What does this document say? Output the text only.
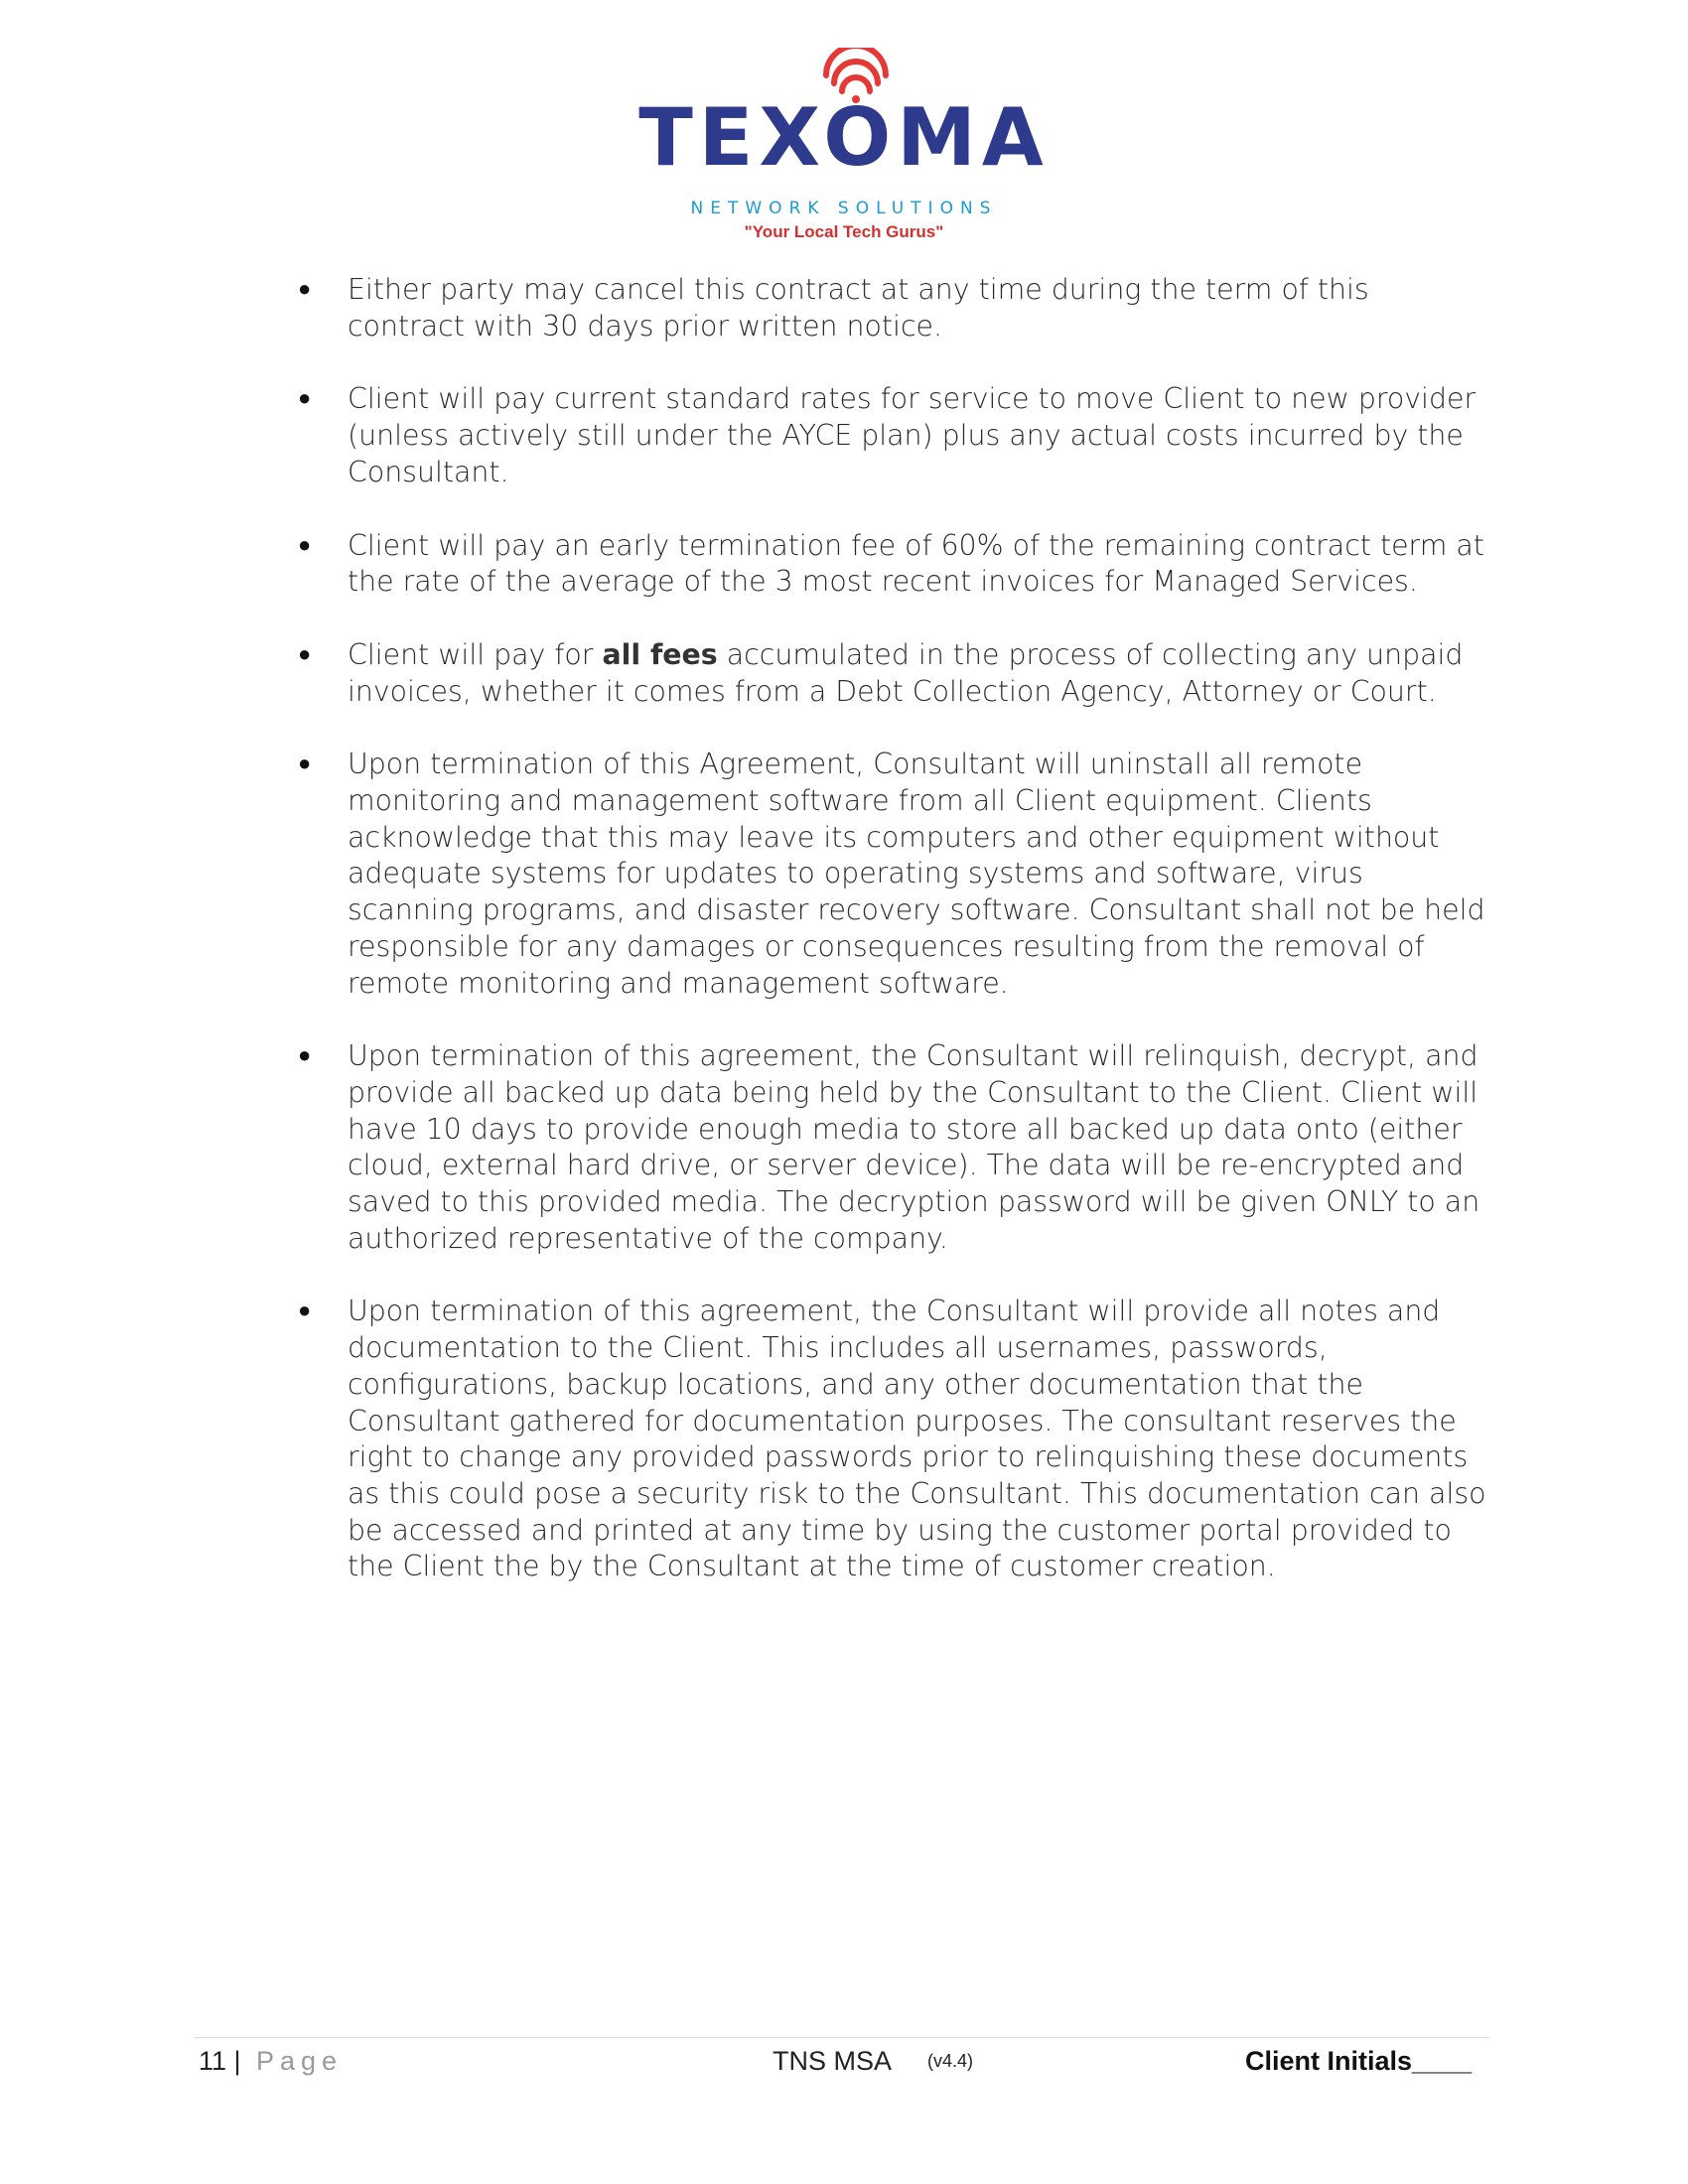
TEXOMA
NETWORK SOLUTIONS
"Your Local Tech Gurus"
● Either party may cancel this contract at any time during the term of this contract with 30 days prior written notice.
● Client will pay current standard rates for service to move Client to new provider (unless actively still under the AYCE plan) plus any actual costs incurred by the Consultant.
● Client will pay an early termination fee of 60% of the remaining contract term at the rate of the average of the 3 most recent invoices for Managed Services.
● Client will pay for all fees accumulated in the process of collecting any unpaid invoices, whether it comes from a Debt Collection Agency, Attorney or Court.
● Upon termination of this Agreement, Consultant will uninstall all remote monitoring and management software from all Client equipment. Clients acknowledge that this may leave its computers and other equipment without adequate systems for updates to operating systems and software, virus scanning programs, and disaster recovery software. Consultant shall not be held responsible for any damages or consequences resulting from the removal of remote monitoring and management software.
● Upon termination of this agreement, the Consultant will relinquish, decrypt, and provide all backed up data being held by the Consultant to the Client. Client will have 10 days to provide enough media to store all backed up data onto (either cloud, external hard drive, or server device). The data will be re-encrypted and saved to this provided media. The decryption password will be given ONLY to an authorized representative of the company.
● Upon termination of this agreement, the Consultant will provide all notes and documentation to the Client. This includes all usernames, passwords, configurations, backup locations, and any other documentation that the Consultant gathered for documentation purposes. The consultant reserves the right to change any provided passwords prior to relinquishing these documents as this could pose a security risk to the Consultant. This documentation can also be accessed and printed at any time by using the customer portal provided to the Client the by the Consultant at the time of customer creation.
11 | Page	TNS MSA (v4.4)	Client Initials____
